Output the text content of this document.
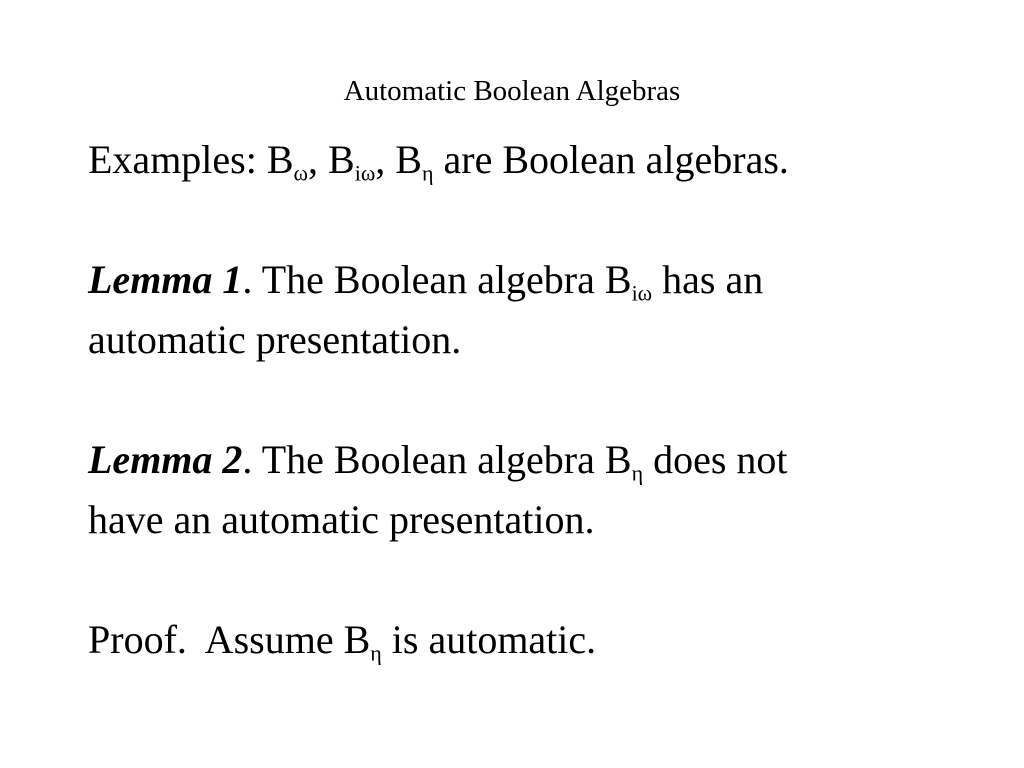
Automatic Boolean Algebras

Examples: $B_\omega$, $B_{i\omega}$, $B_\eta$ are Boolean algebras.

Lemma 1. The Boolean algebra $B_{i\omega}$ has an

automatic presentation.

Lemma 2. The Boolean algebra $B_\eta$ does not

have an automatic presentation.

Proof.  Assume $B_\eta$ is automatic.
